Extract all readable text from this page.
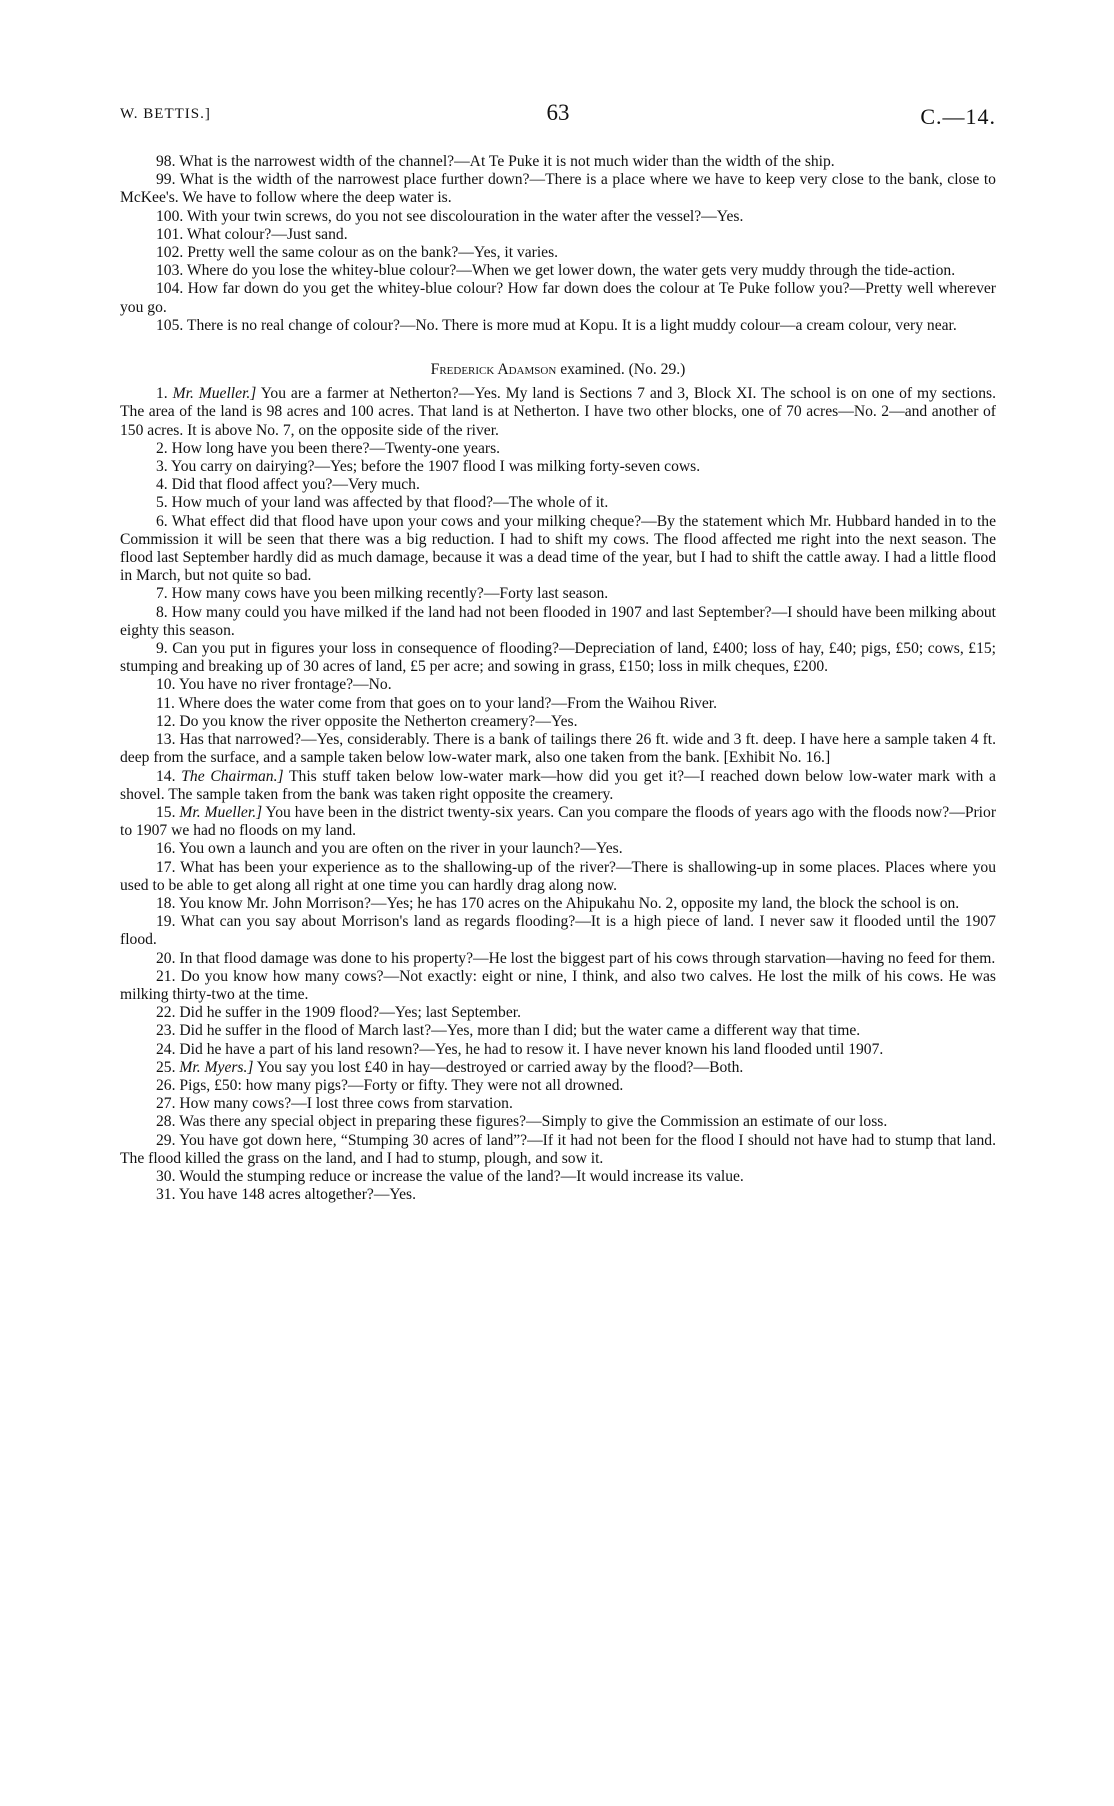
W. BETTIS.]	63	C.—14.

98. What is the narrowest width of the channel?—At Te Puke it is not much wider than the width of the ship.

99. What is the width of the narrowest place further down?—There is a place where we have to keep very close to the bank, close to McKee's. We have to follow where the deep water is.

100. With your twin screws, do you not see discolouration in the water after the vessel?—Yes.

101. What colour?—Just sand.

102. Pretty well the same colour as on the bank?—Yes, it varies.

103. Where do you lose the whitey-blue colour?—When we get lower down, the water gets very muddy through the tide-action.

104. How far down do you get the whitey-blue colour? How far down does the colour at Te Puke follow you?—Pretty well wherever you go.

105. There is no real change of colour?—No. There is more mud at Kopu. It is a light muddy colour—a cream colour, very near.

Frederick Adamson examined. (No. 29.)

1. Mr. Mueller.] You are a farmer at Netherton?—Yes. My land is Sections 7 and 3, Block XI. The school is on one of my sections. The area of the land is 98 acres and 100 acres. That land is at Netherton. I have two other blocks, one of 70 acres—No. 2—and another of 150 acres. It is above No. 7, on the opposite side of the river.

2. How long have you been there?—Twenty-one years.

3. You carry on dairying?—Yes; before the 1907 flood I was milking forty-seven cows.

4. Did that flood affect you?—Very much.

5. How much of your land was affected by that flood?—The whole of it.

6. What effect did that flood have upon your cows and your milking cheque?—By the statement which Mr. Hubbard handed in to the Commission it will be seen that there was a big reduction. I had to shift my cows. The flood affected me right into the next season. The flood last September hardly did as much damage, because it was a dead time of the year, but I had to shift the cattle away. I had a little flood in March, but not quite so bad.

7. How many cows have you been milking recently?—Forty last season.

8. How many could you have milked if the land had not been flooded in 1907 and last September?—I should have been milking about eighty this season.

9. Can you put in figures your loss in consequence of flooding?—Depreciation of land, £400; loss of hay, £40; pigs, £50; cows, £15; stumping and breaking up of 30 acres of land, £5 per acre; and sowing in grass, £150; loss in milk cheques, £200.

10. You have no river frontage?—No.

11. Where does the water come from that goes on to your land?—From the Waihou River.

12. Do you know the river opposite the Netherton creamery?—Yes.

13. Has that narrowed?—Yes, considerably. There is a bank of tailings there 26 ft. wide and 3 ft. deep. I have here a sample taken 4 ft. deep from the surface, and a sample taken below low-water mark, also one taken from the bank. [Exhibit No. 16.]

14. The Chairman.] This stuff taken below low-water mark—how did you get it?—I reached down below low-water mark with a shovel. The sample taken from the bank was taken right opposite the creamery.

15. Mr. Mueller.] You have been in the district twenty-six years. Can you compare the floods of years ago with the floods now?—Prior to 1907 we had no floods on my land.

16. You own a launch and you are often on the river in your launch?—Yes.

17. What has been your experience as to the shallowing-up of the river?—There is shallowing-up in some places. Places where you used to be able to get along all right at one time you can hardly drag along now.

18. You know Mr. John Morrison?—Yes; he has 170 acres on the Ahipukahu No. 2, opposite my land, the block the school is on.

19. What can you say about Morrison's land as regards flooding?—It is a high piece of land. I never saw it flooded until the 1907 flood.

20. In that flood damage was done to his property?—He lost the biggest part of his cows through starvation—having no feed for them.

21. Do you know how many cows?—Not exactly: eight or nine, I think, and also two calves. He lost the milk of his cows. He was milking thirty-two at the time.

22. Did he suffer in the 1909 flood?—Yes; last September.

23. Did he suffer in the flood of March last?—Yes, more than I did; but the water came a different way that time.

24. Did he have a part of his land resown?—Yes, he had to resow it. I have never known his land flooded until 1907.

25. Mr. Myers.] You say you lost £40 in hay—destroyed or carried away by the flood?—Both.

26. Pigs, £50: how many pigs?—Forty or fifty. They were not all drowned.

27. How many cows?—I lost three cows from starvation.

28. Was there any special object in preparing these figures?—Simply to give the Commission an estimate of our loss.

29. You have got down here, “Stumping 30 acres of land”?—If it had not been for the flood I should not have had to stump that land. The flood killed the grass on the land, and I had to stump, plough, and sow it.

30. Would the stumping reduce or increase the value of the land?—It would increase its value.

31. You have 148 acres altogether?—Yes.
